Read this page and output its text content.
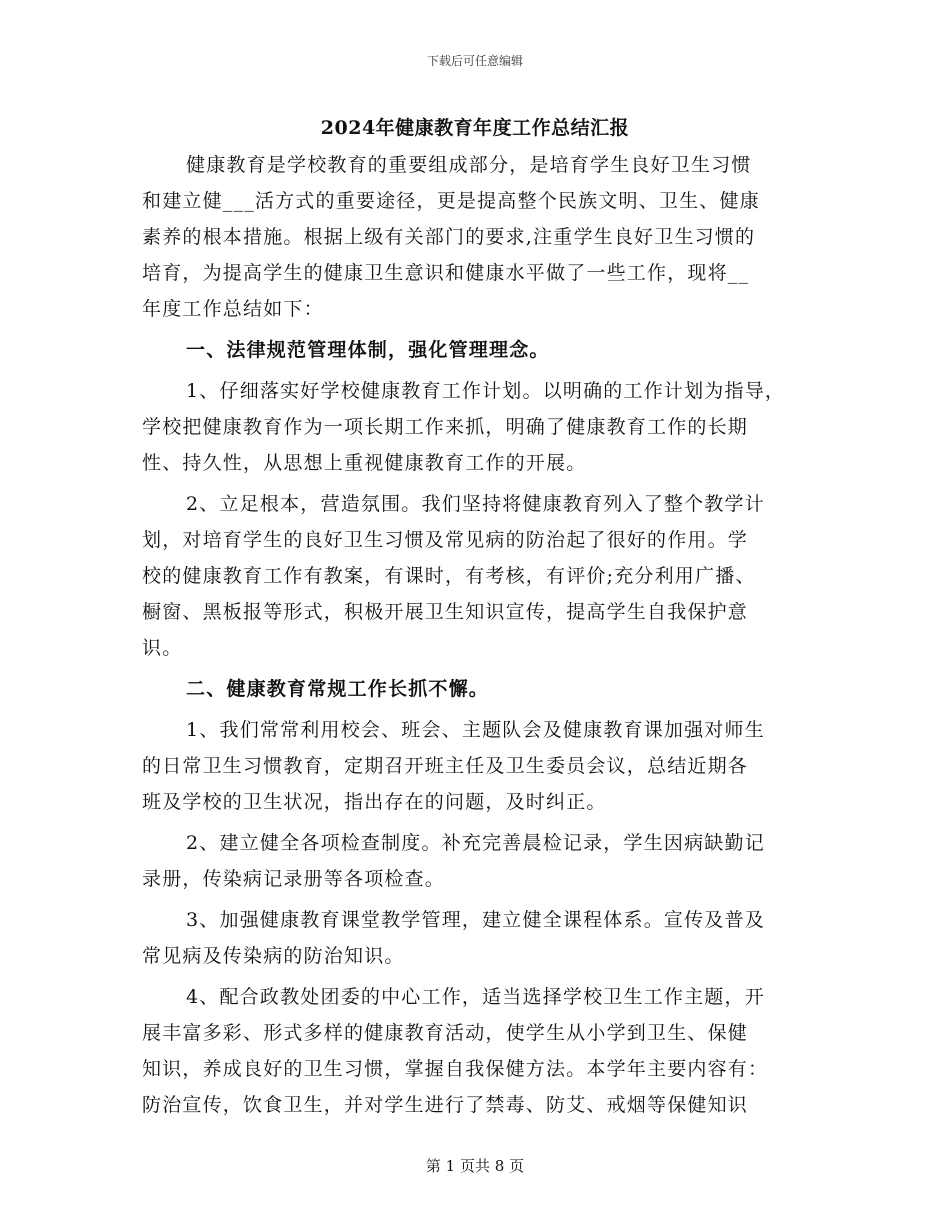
下载后可任意编辑
2024年健康教育年度工作总结汇报
健康教育是学校教育的重要组成部分，是培育学生良好卫生习惯
和建立健___活方式的重要途径，更是提高整个民族文明、卫生、健康
素养的根本措施。根据上级有关部门的要求,注重学生良好卫生习惯的
培育，为提高学生的健康卫生意识和健康水平做了一些工作，现将__
年度工作总结如下：
一、法律规范管理体制，强化管理理念。
1、仔细落实好学校健康教育工作计划。以明确的工作计划为指导，
学校把健康教育作为一项长期工作来抓，明确了健康教育工作的长期
性、持久性，从思想上重视健康教育工作的开展。
2、立足根本，营造氛围。我们坚持将健康教育列入了整个教学计
划，对培育学生的良好卫生习惯及常见病的防治起了很好的作用。学
校的健康教育工作有教案，有课时，有考核，有评价;充分利用广播、
橱窗、黑板报等形式，积极开展卫生知识宣传，提高学生自我保护意
识。
二、健康教育常规工作长抓不懈。
1、我们常常利用校会、班会、主题队会及健康教育课加强对师生
的日常卫生习惯教育，定期召开班主任及卫生委员会议，总结近期各
班及学校的卫生状况，指出存在的问题，及时纠正。
2、建立健全各项检查制度。补充完善晨检记录，学生因病缺勤记
录册，传染病记录册等各项检查。
3、加强健康教育课堂教学管理，建立健全课程体系。宣传及普及
常见病及传染病的防治知识。
4、配合政教处团委的中心工作，适当选择学校卫生工作主题，开
展丰富多彩、形式多样的健康教育活动，使学生从小学到卫生、保健
知识，养成良好的卫生习惯，掌握自我保健方法。本学年主要内容有：
防治宣传，饮食卫生，并对学生进行了禁毒、防艾、戒烟等保健知识
第 1 页共 8 页
